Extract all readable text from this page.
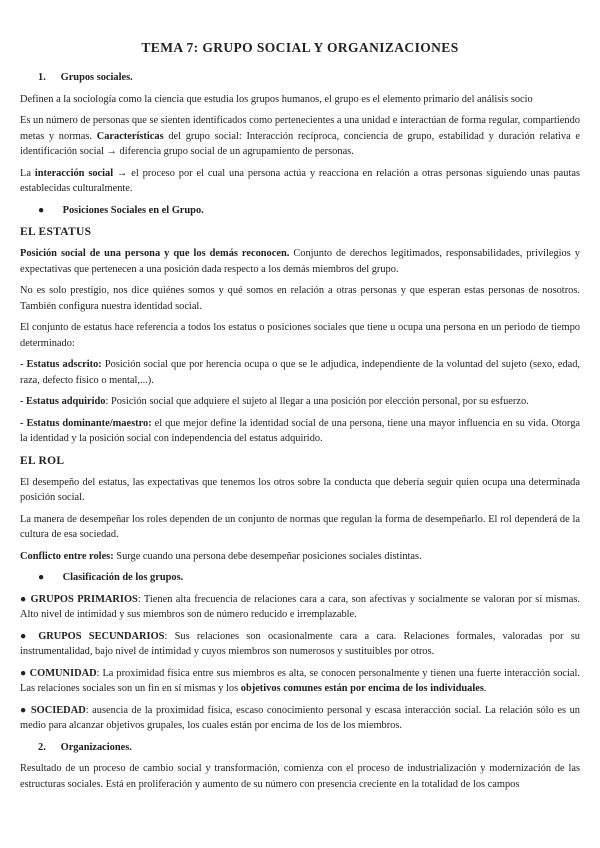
TEMA 7: GRUPO SOCIAL Y ORGANIZACIONES
1. Grupos sociales.

Definen a la sociología como la ciencia que estudia los grupos humanos, el grupo es el elemento primario del análisis socio

Es un número de personas que se sienten identificados como pertenecientes a una unidad e interactúan de forma regular, compartiendo metas y normas. Características del grupo social: Interacción recíproca, conciencia de grupo, estabilidad y duración relativa e identificación social → diferencia grupo social de un agrupamiento de personas.

La interacción social → el proceso por el cual una persona actúa y reacciona en relación a otras personas siguiendo unas pautas establecidas culturalmente.

● Posiciones Sociales en el Grupo.
EL ESTATUS

Posición social de una persona y que los demás reconocen. Conjunto de derechos legitimados, responsabilidades, privilegios y expectativas que pertenecen a una posición dada respecto a los demás miembros del grupo.

No es solo prestigio, nos dice quiénes somos y qué somos en relación a otras personas y que esperan estas personas de nosotros. También configura nuestra identidad social.

El conjunto de estatus hace referencia a todos los estatus o posiciones sociales que tiene u ocupa una persona en un periodo de tiempo determinado:

- Estatus adscrito: Posición social que por herencia ocupa o que se le adjudica, independiente de la voluntad del sujeto (sexo, edad, raza, defecto físico o mental,...).

- Estatus adquirido: Posición social que adquiere el sujeto al llegar a una posición por elección personal, por su esfuerzo.

- Estatus dominante/maestro: el que mejor define la identidad social de una persona, tiene una mayor influencia en su vida. Otorga la identidad y la posición social con independencia del estatus adquirido.

EL ROL

El desempeño del estatus, las expectativas que tenemos los otros sobre la conducta que debería seguir quien ocupa una determinada posición social.

La manera de desempeñar los roles dependen de un conjunto de normas que regulan la forma de desempeñarlo. El rol dependerá de la cultura de esa sociedad.

Conflicto entre roles: Surge cuando una persona debe desempeñar posiciones sociales distintas.

● Clasificación de los grupos.

● GRUPOS PRIMARIOS: Tienen alta frecuencia de relaciones cara a cara, son afectivas y socialmente se valoran por sí mismas. Alto nivel de intimidad y sus miembros son de número reducido e irremplazable.

● GRUPOS SECUNDARIOS: Sus relaciones son ocasionalmente cara a cara. Relaciones formales, valoradas por su instrumentalidad, bajo nivel de intimidad y cuyos miembros son numerosos y sustituibles por otros.

● COMUNIDAD: La proximidad física entre sus miembros es alta, se conocen personalmente y tienen una fuerte interacción social. Las relaciones sociales son un fin en sí mismas y los objetivos comunes están por encima de los individuales.

● SOCIEDAD: ausencia de la proximidad física, escaso conocimiento personal y escasa interacción social. La relación sólo es un medio para alcanzar objetivos grupales, los cuales están por encima de los de los miembros.

2. Organizaciones.

Resultado de un proceso de cambio social y transformación, comienza con el proceso de industrialización y modernización de las estructuras sociales. Está en proliferación y aumento de su número con presencia creciente en la totalidad de los campos
